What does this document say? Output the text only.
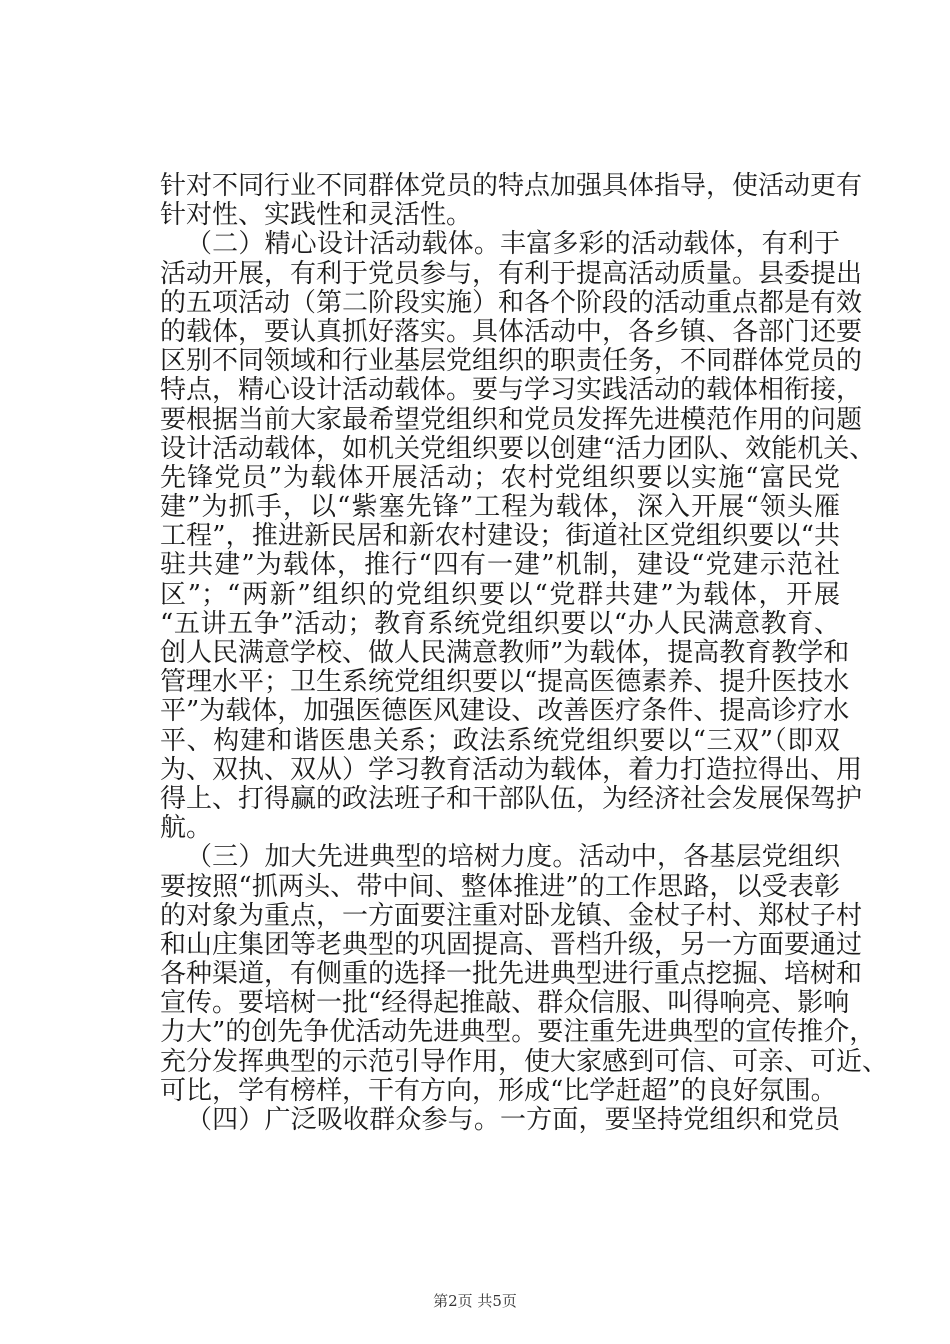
针对不同行业不同群体党员的特点加强具体指导，使活动更有
针对性、实践性和灵活性。
（二）精心设计活动载体。丰富多彩的活动载体，有利于
活动开展，有利于党员参与，有利于提高活动质量。县委提出
的五项活动（第二阶段实施）和各个阶段的活动重点都是有效
的载体，要认真抓好落实。具体活动中，各乡镇、各部门还要
区别不同领域和行业基层党组织的职责任务，不同群体党员的
特点，精心设计活动载体。要与学习实践活动的载体相衔接，
要根据当前大家最希望党组织和党员发挥先进模范作用的问题
设计活动载体，如机关党组织要以创建“活力团队、效能机关、
先锋党员”为载体开展活动；农村党组织要以实施“富民党
建”为抓手，以“紫塞先锋”工程为载体，深入开展“领头雁
工程”，推进新民居和新农村建设；街道社区党组织要以“共
驻共建”为载体，推行“四有一建”机制，建设“党建示范社
区”；“两新”组织的党组织要以“党群共建”为载体，开展
“五讲五争”活动；教育系统党组织要以“办人民满意教育、
创人民满意学校、做人民满意教师”为载体，提高教育教学和
管理水平；卫生系统党组织要以“提高医德素养、提升医技水
平”为载体，加强医德医风建设、改善医疗条件、提高诊疗水
平、构建和谐医患关系；政法系统党组织要以“三双”（即双
为、双执、双从）学习教育活动为载体，着力打造拉得出、用
得上、打得赢的政法班子和干部队伍，为经济社会发展保驾护
航。
（三）加大先进典型的培树力度。活动中，各基层党组织
要按照“抓两头、带中间、整体推进”的工作思路，以受表彰
的对象为重点，一方面要注重对卧龙镇、金杖子村、郑杖子村
和山庄集团等老典型的巩固提高、晋档升级，另一方面要通过
各种渠道，有侧重的选择一批先进典型进行重点挖掘、培树和
宣传。要培树一批“经得起推敲、群众信服、叫得响亮、影响
力大”的创先争优活动先进典型。要注重先进典型的宣传推介，
充分发挥典型的示范引导作用，使大家感到可信、可亲、可近、
可比，学有榜样，干有方向，形成“比学赶超”的良好氛围。
（四）广泛吸收群众参与。一方面，要坚持党组织和党员
第2页 共5页
